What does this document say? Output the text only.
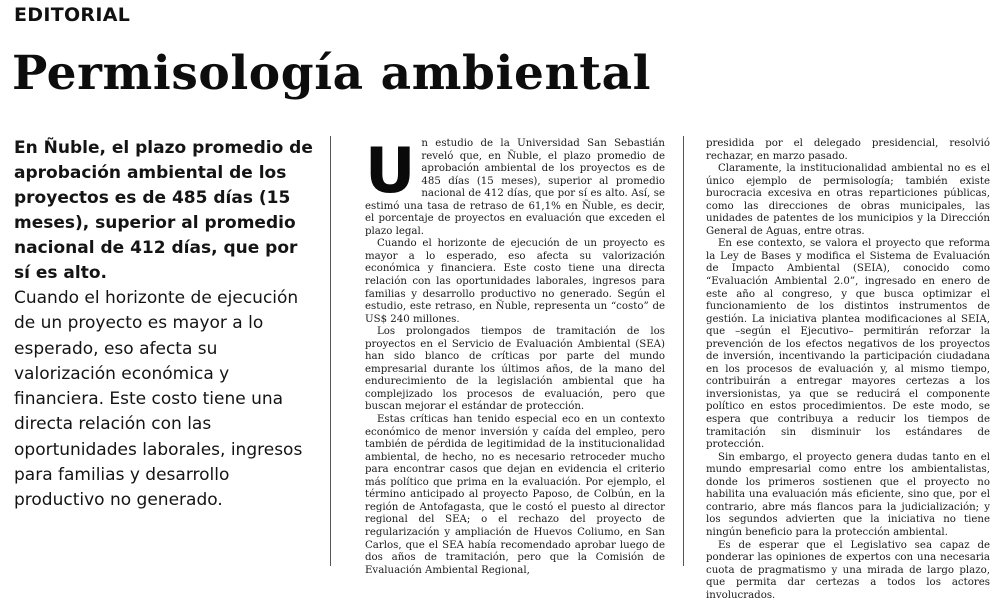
EDITORIAL
Permisología ambiental
En Ñuble, el plazo promedio de aprobación ambiental de los proyectos es de 485 días (15 meses), superior al promedio nacional de 412 días, que por sí es alto.
Cuando el horizonte de ejecución de un proyecto es mayor a lo esperado, eso afecta su valorización económica y financiera. Este costo tiene una directa relación con las oportunidades laborales, ingresos para familias y desarrollo productivo no generado.

Un estudio de la Universidad San Sebastián reveló que, en Ñuble, el plazo promedio de aprobación ambiental de los proyectos es de 485 días (15 meses), superior al promedio nacional de 412 días, que por sí es alto. Así, se estimó una tasa de retraso de 61,1% en Ñuble, es decir, el porcentaje de proyectos en evaluación que exceden el plazo legal.

Cuando el horizonte de ejecución de un proyecto es mayor a lo esperado, eso afecta su valorización económica y financiera. Este costo tiene una directa relación con las oportunidades laborales, ingresos para familias y desarrollo productivo no generado. Según el estudio, este retraso, en Ñuble, representa un “costo” de US$ 240 millones.

Los prolongados tiempos de tramitación de los proyectos en el Servicio de Evaluación Ambiental (SEA) han sido blanco de críticas por parte del mundo empresarial durante los últimos años, de la mano del endurecimiento de la legislación ambiental que ha complejizado los procesos de evaluación, pero que buscan mejorar el estándar de protección.

Estas críticas han tenido especial eco en un contexto económico de menor inversión y caída del empleo, pero también de pérdida de legitimidad de la institucionalidad ambiental, de hecho, no es necesario retroceder mucho para encontrar casos que dejan en evidencia el criterio más político que prima en la evaluación. Por ejemplo, el término anticipado al proyecto Paposo, de Colbún, en la región de Antofagasta, que le costó el puesto al director regional del SEA; o el rechazo del proyecto de regularización y ampliación de Huevos Coliumo, en San Carlos, que el SEA había recomendado aprobar luego de dos años de tramitación, pero que la Comisión de Evaluación Ambiental Regional,

presidida por el delegado presidencial, resolvió rechazar, en marzo pasado.

Claramente, la institucionalidad ambiental no es el único ejemplo de permisología; también existe burocracia excesiva en otras reparticiones públicas, como las direcciones de obras municipales, las unidades de patentes de los municipios y la Dirección General de Aguas, entre otras.

En ese contexto, se valora el proyecto que reforma la Ley de Bases y modifica el Sistema de Evaluación de Impacto Ambiental (SEIA), conocido como “Evaluación Ambiental 2.0”, ingresado en enero de este año al congreso, y que busca optimizar el funcionamiento de los distintos instrumentos de gestión. La iniciativa plantea modificaciones al SEIA, que –según el Ejecutivo– permitirán reforzar la prevención de los efectos negativos de los proyectos de inversión, incentivando la participación ciudadana en los procesos de evaluación y, al mismo tiempo, contribuirán a entregar mayores certezas a los inversionistas, ya que se reducirá el componente político en estos procedimientos. De este modo, se espera que contribuya a reducir los tiempos de tramitación sin disminuir los estándares de protección.

Sin embargo, el proyecto genera dudas tanto en el mundo empresarial como entre los ambientalistas, donde los primeros sostienen que el proyecto no habilita una evaluación más eficiente, sino que, por el contrario, abre más flancos para la judicialización; y los segundos advierten que la iniciativa no tiene ningún beneficio para la protección ambiental.

Es de esperar que el Legislativo sea capaz de ponderar las opiniones de expertos con una necesaria cuota de pragmatismo y una mirada de largo plazo, que permita dar certezas a todos los actores involucrados.
